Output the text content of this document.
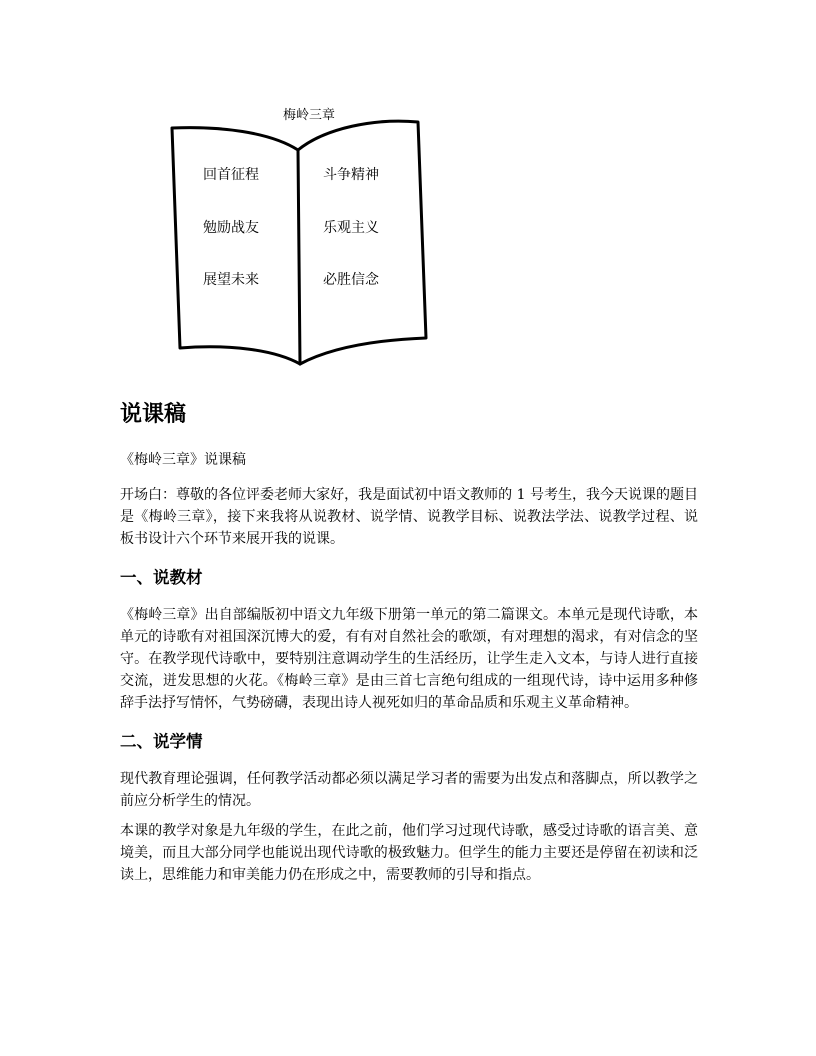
梅岭三章
回首征程
勉励战友
展望未来
斗争精神
乐观主义
必胜信念
说课稿
《梅岭三章》说课稿

开场白：尊敬的各位评委老师大家好，我是面试初中语文教师的 1 号考生，我今天说课的题目是《梅岭三章》，接下来我将从说教材、说学情、说教学目标、说教法学法、说教学过程、说板书设计六个环节来展开我的说课。

一、说教材

《梅岭三章》出自部编版初中语文九年级下册第一单元的第二篇课文。本单元是现代诗歌，本单元的诗歌有对祖国深沉博大的爱，有有对自然社会的歌颂，有对理想的渴求，有对信念的坚守。在教学现代诗歌中，要特别注意调动学生的生活经历，让学生走入文本，与诗人进行直接交流，迸发思想的火花。《梅岭三章》是由三首七言绝句组成的一组现代诗，诗中运用多种修辞手法抒写情怀，气势磅礴，表现出诗人视死如归的革命品质和乐观主义革命精神。

二、说学情

现代教育理论强调，任何教学活动都必须以满足学习者的需要为出发点和落脚点，所以教学之前应分析学生的情况。

本课的教学对象是九年级的学生，在此之前，他们学习过现代诗歌，感受过诗歌的语言美、意境美，而且大部分同学也能说出现代诗歌的极致魅力。但学生的能力主要还是停留在初读和泛读上，思维能力和审美能力仍在形成之中，需要教师的引导和指点。
